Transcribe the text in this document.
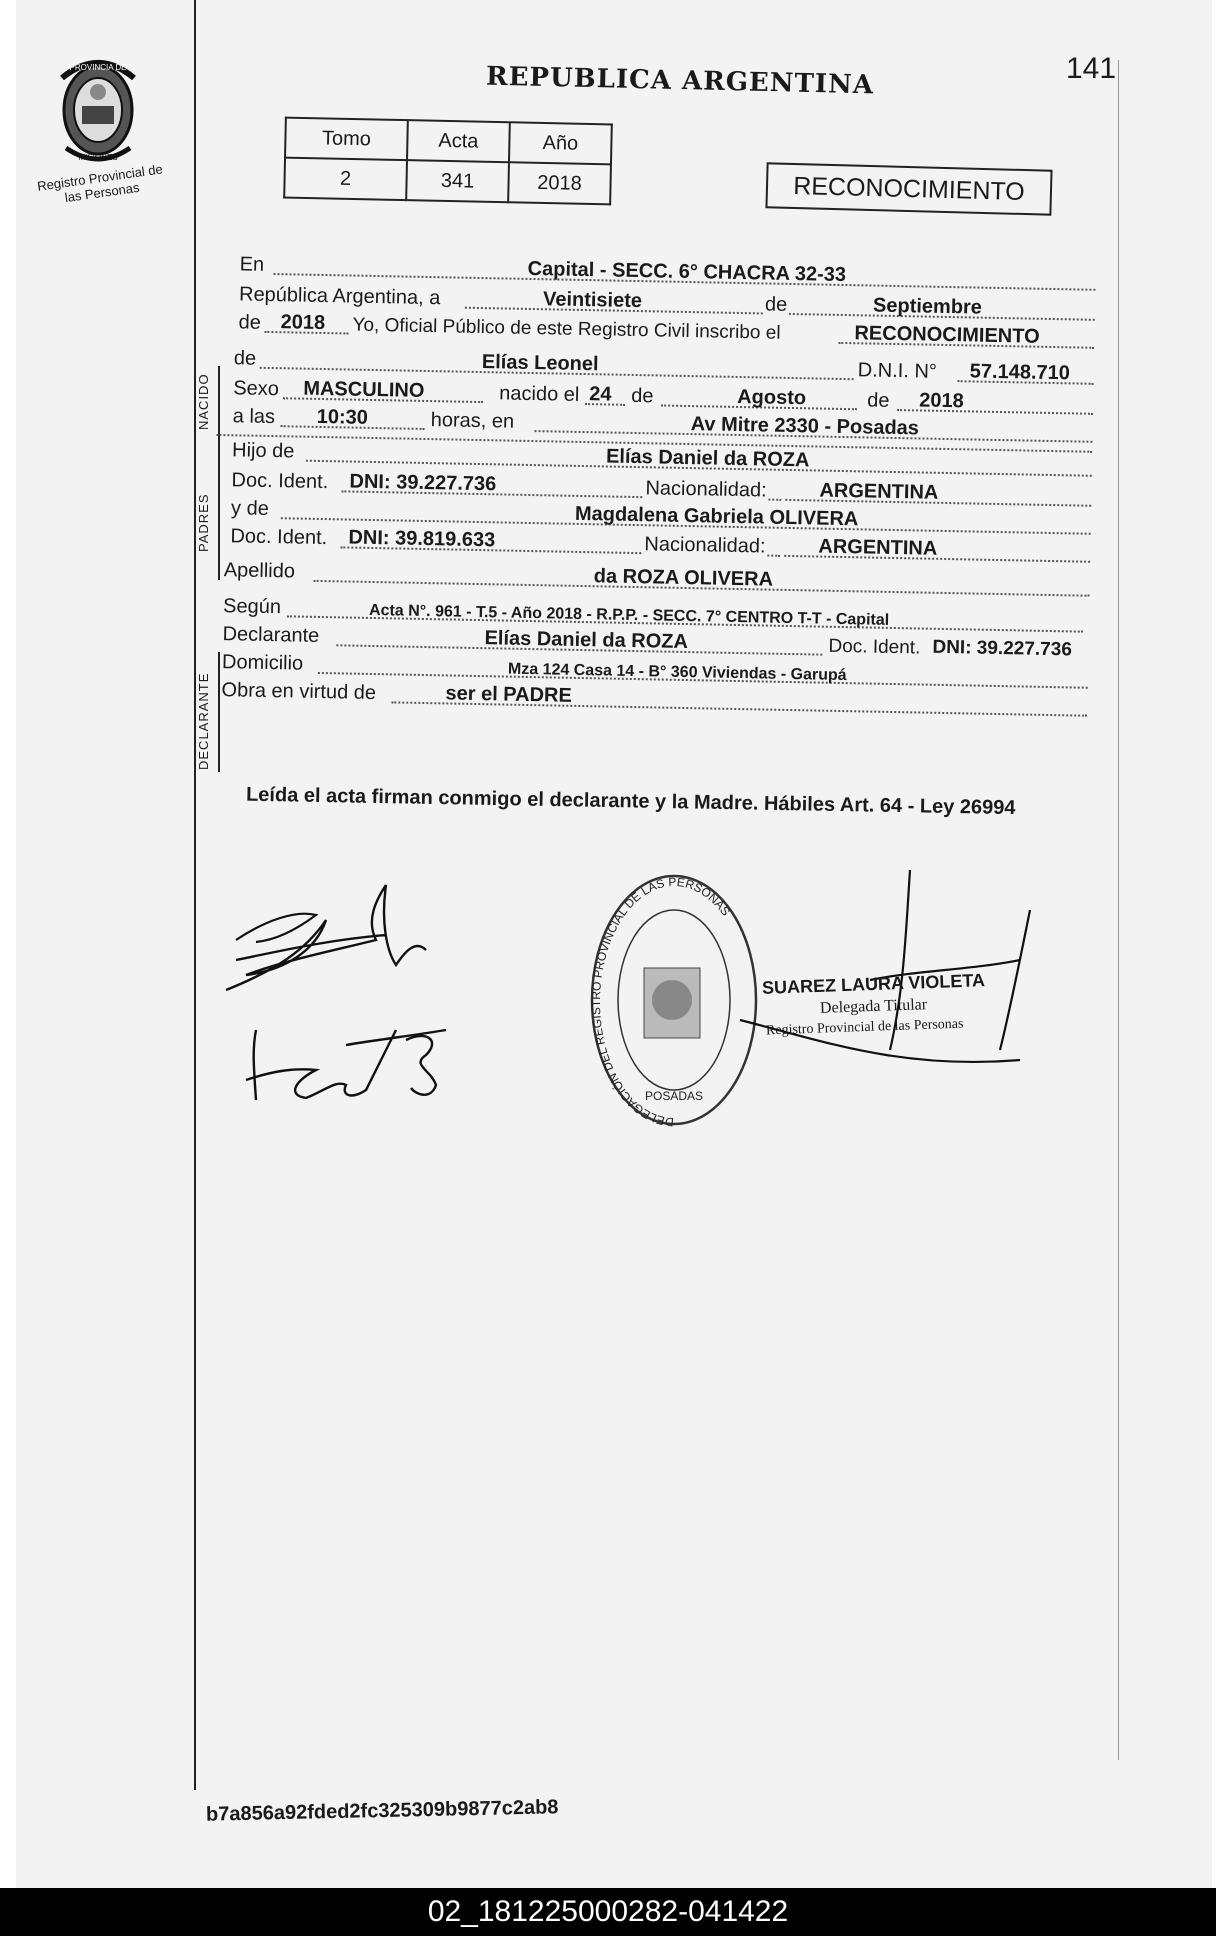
PROVINCIA DE
MISIONES
Registro Provincial de las Personas
141
REPUBLICA ARGENTINA
Tomo	Acta	Año
2	341	2018	RECONOCIMIENTO
NACIDO
PADRES
DECLARANTE
En	Capital - SECC. 6° CHACRA 32-33
República Argentina, a	Veintisiete	de	Septiembre
de 2018 Yo, Oficial Público de este Registro Civil inscribo el	RECONOCIMIENTO
de	Elías Leonel	D.N.I. N° 57.148.710
Sexo MASCULINO	nacido el 24 de	Agosto	de 2018
a las 10:30	horas, en	Av Mitre 2330 - Posadas
Hijo de	Elías Daniel da ROZA
Doc. Ident. DNI: 39.227.736	Nacionalidad:	ARGENTINA
y de	Magdalena Gabriela OLIVERA
Doc. Ident. DNI: 39.819.633	Nacionalidad:	ARGENTINA
Apellido	da ROZA OLIVERA
Según	Acta N°. 961 - T.5 - Año 2018 - R.P.P. - SECC. 7° CENTRO T-T - Capital
Declarante	Elías Daniel da ROZA	Doc. Ident. DNI: 39.227.736
Domicilio	Mza 124 Casa 14 - B° 360 Viviendas - Garupá
Obra en virtud de	ser el PADRE
Leída el acta firman conmigo el declarante y la Madre. Hábiles Art. 64 - Ley 26994
DELEGACIÓN DEL REGISTRO PROVINCIAL DE LAS PERSONAS
POSADAS
SUAREZ LAURA VIOLETA
Delegada Titular
Registro Provincial de las Personas
b7a856a92fded2fc325309b9877c2ab8
02_181225000282-041422
